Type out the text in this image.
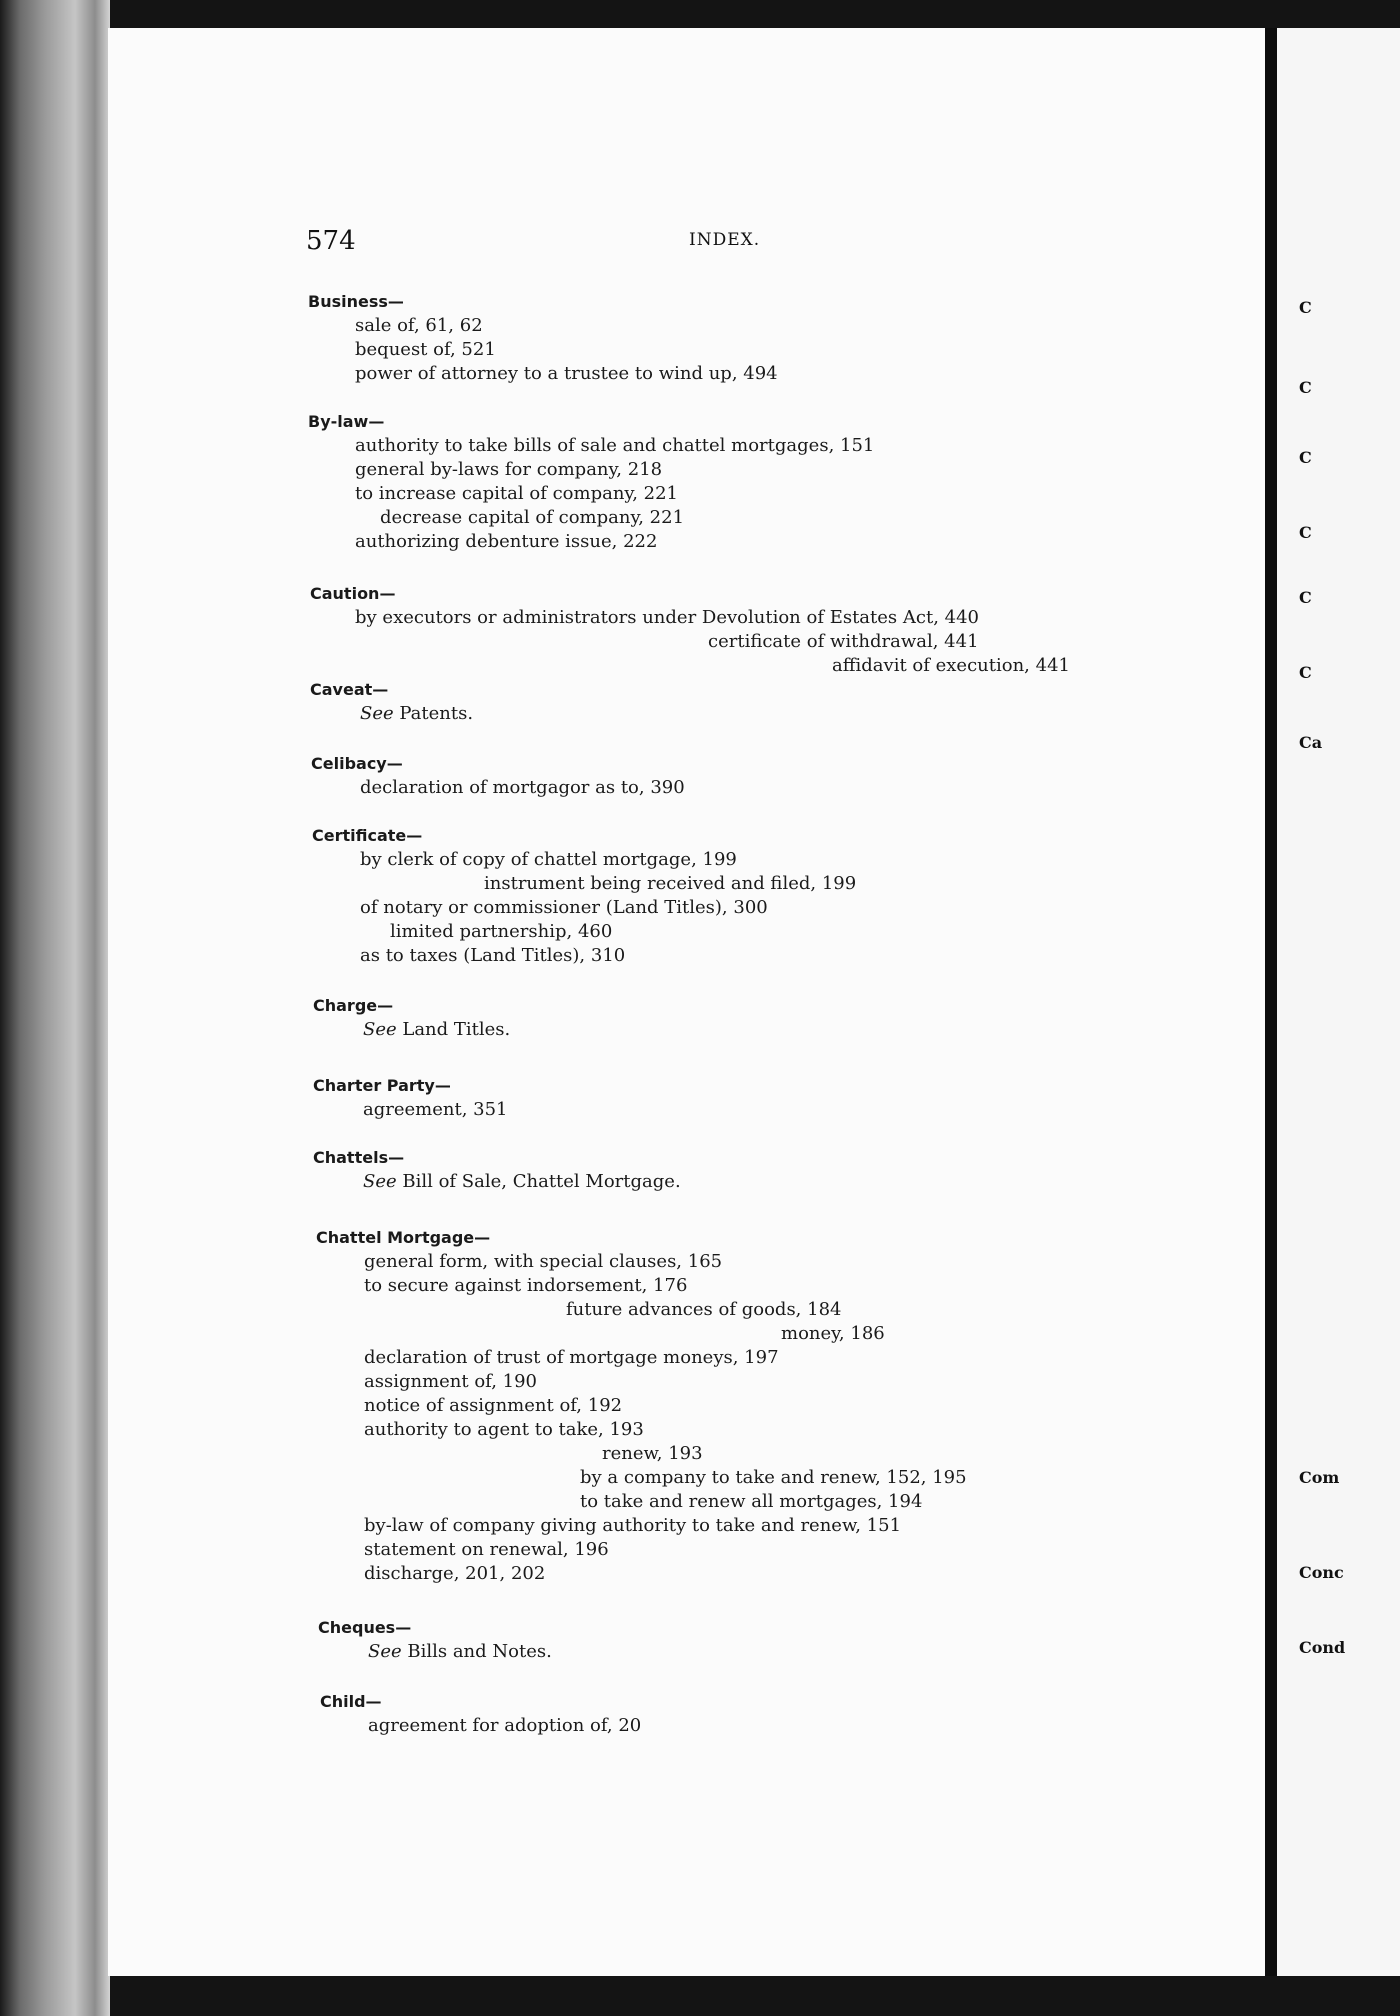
C
C
C
C
C
C
Ca
Com
Conc
Cond
574	INDEX.
Business—
sale of, 61, 62
bequest of, 521
power of attorney to a trustee to wind up, 494
By-law—
authority to take bills of sale and chattel mortgages, 151
general by-laws for company, 218
to increase capital of company, 221
decrease capital of company, 221
authorizing debenture issue, 222
Caution—
by executors or administrators under Devolution of Estates Act, 440
certificate of withdrawal, 441
affidavit of execution, 441
Caveat—
See Patents.
Celibacy—
declaration of mortgagor as to, 390
Certificate—
by clerk of copy of chattel mortgage, 199
instrument being received and filed, 199
of notary or commissioner (Land Titles), 300
limited partnership, 460
as to taxes (Land Titles), 310
Charge—
See Land Titles.
Charter Party—
agreement, 351
Chattels—
See Bill of Sale, Chattel Mortgage.
Chattel Mortgage—
general form, with special clauses, 165
to secure against indorsement, 176
future advances of goods, 184
money, 186
declaration of trust of mortgage moneys, 197
assignment of, 190
notice of assignment of, 192
authority to agent to take, 193
renew, 193
by a company to take and renew, 152, 195
to take and renew all mortgages, 194
by-law of company giving authority to take and renew, 151
statement on renewal, 196
discharge, 201, 202
Cheques—
See Bills and Notes.
Child—
agreement for adoption of, 20
